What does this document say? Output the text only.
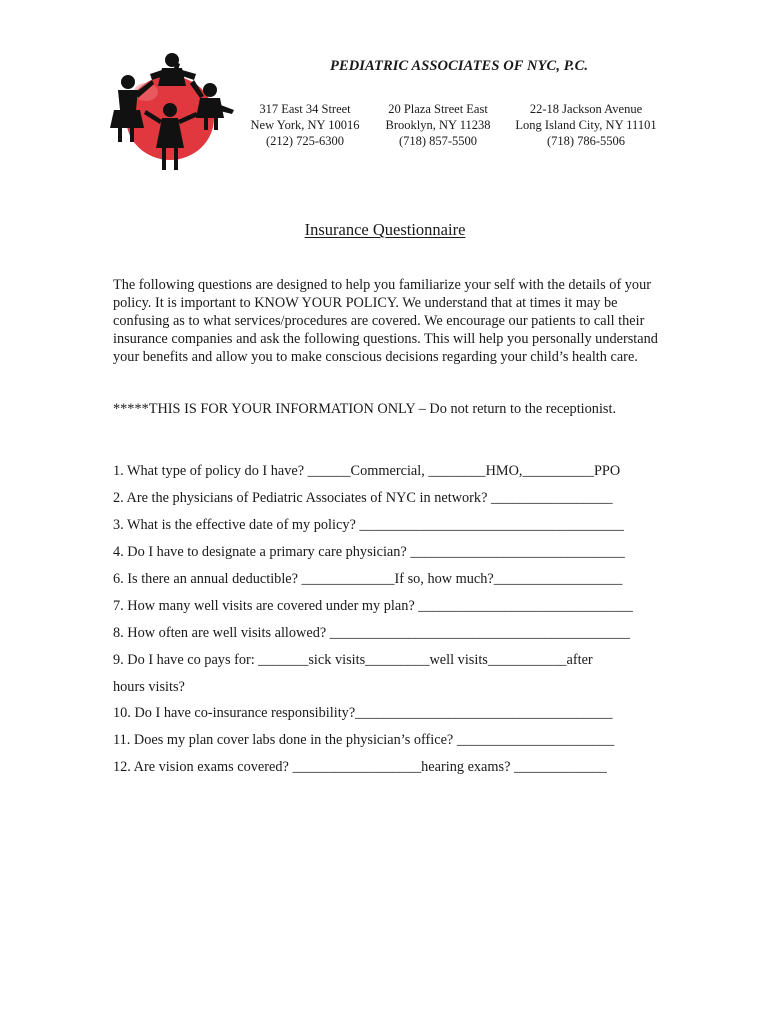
PEDIATRIC ASSOCIATES OF NYC, P.C.
317 East 34 Street
New York, NY 10016
(212) 725-6300
20 Plaza Street East
Brooklyn, NY 11238
(718) 857-5500
22-18 Jackson Avenue
Long Island City, NY 11101
(718) 786-5506
Insurance Questionnaire

The following questions are designed to help you familiarize your self with the details of your policy. It is important to KNOW YOUR POLICY. We understand that at times it may be confusing as to what services/procedures are covered. We encourage our patients to call their insurance companies and ask the following questions. This will help you personally understand your benefits and allow you to make conscious decisions regarding your child’s health care.

*****THIS IS FOR YOUR INFORMATION ONLY – Do not return to the receptionist.
1. What type of policy do I have? ______Commercial, ________HMO,__________PPO
2. Are the physicians of Pediatric Associates of NYC in network? _________________
3. What is the effective date of my policy? _____________________________________
4. Do I have to designate a primary care physician? ______________________________
6. Is there an annual deductible? _____________If so, how much?__________________
7. How many well visits are covered under my plan? ______________________________
8. How often are well visits allowed? __________________________________________
9. Do I have co pays for: _______sick visits_________well visits___________after
hours visits?
10. Do I have co-insurance responsibility?____________________________________
11. Does my plan cover labs done in the physician’s office? ______________________
12. Are vision exams covered? __________________hearing exams? _____________
